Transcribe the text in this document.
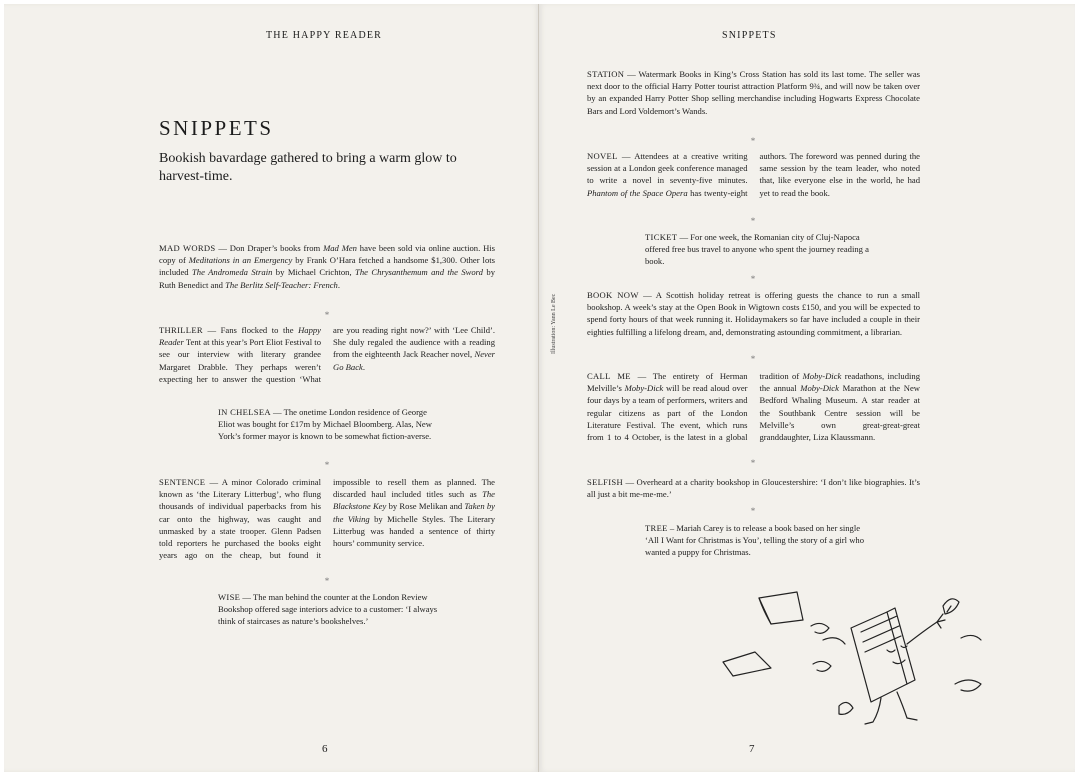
THE HAPPY READER
SNIPPETS

Bookish bavardage gathered to bring a warm glow to harvest-time.

MAD WORDS — Don Draper’s books from Mad Men have been sold via online auction. His copy of Meditations in an Emergency by Frank O’Hara fetched a handsome $1,300. Other lots included The Andromeda Strain by Michael Crichton, The Chrysanthemum and the Sword by Ruth Benedict and The Berlitz Self-Teacher: French.

*

THRILLER — Fans flocked to the Happy Reader Tent at this year’s Port Eliot Festival to see our interview with literary grandee Margaret Drabble. They perhaps weren’t expecting her to answer the question ‘What are you reading right now?’ with ‘Lee Child’. She duly regaled the audience with a reading from the eighteenth Jack Reacher novel, Never Go Back.

IN CHELSEA — The onetime London residence of George Eliot was bought for £17m by Michael Bloomberg. Alas, New York’s former mayor is known to be somewhat fiction-averse.

*

SENTENCE — A minor Colorado criminal known as ‘the Literary Litterbug’, who flung thousands of individual paperbacks from his car onto the highway, was caught and unmasked by a state trooper. Glenn Padsen told reporters he purchased the books eight years ago on the cheap, but found it impossible to resell them as planned. The discarded haul included titles such as The Blackstone Key by Rose Melikan and Taken by the Viking by Michelle Styles. The Literary Litterbug was handed a sentence of thirty hours’ community service.

*

WISE — The man behind the counter at the London Review Bookshop offered sage interiors advice to a customer: ‘I always think of staircases as nature’s bookshelves.’

6
SNIPPETS
Illustration: Yann Le Bec

STATION — Watermark Books in King’s Cross Station has sold its last tome. The seller was next door to the official Harry Potter tourist attraction Platform 9¾, and will now be taken over by an expanded Harry Potter Shop selling merchandise including Hogwarts Express Chocolate Bars and Lord Voldemort’s Wands.

*

NOVEL — Attendees at a creative writing session at a London geek conference managed to write a novel in seventy-five minutes. Phantom of the Space Opera has twenty-eight authors. The foreword was penned during the same session by the team leader, who noted that, like everyone else in the world, he had yet to read the book.

*

TICKET — For one week, the Romanian city of Cluj-Napoca offered free bus travel to anyone who spent the journey reading a book.

*

BOOK NOW — A Scottish holiday retreat is offering guests the chance to run a small bookshop. A week’s stay at the Open Book in Wigtown costs £150, and you will be expected to spend forty hours of that week running it. Holidaymakers so far have included a couple in their eighties fulfilling a lifelong dream, and, demonstrating astounding commitment, a librarian.

*

CALL ME — The entirety of Herman Melville’s Moby-Dick will be read aloud over four days by a team of performers, writers and regular citizens as part of the London Literature Festival. The event, which runs from 1 to 4 October, is the latest in a global tradition of Moby-Dick readathons, including the annual Moby-Dick Marathon at the New Bedford Whaling Museum. A star reader at the Southbank Centre session will be Melville’s own great-great-great granddaughter, Liza Klaussmann.

*

SELFISH — Overheard at a charity bookshop in Gloucestershire: ‘I don’t like biographies. It’s all just a bit me-me-me.’

*

TREE – Mariah Carey is to release a book based on her single ‘All I Want for Christmas is You’, telling the story of a girl who wanted a puppy for Christmas.

7
